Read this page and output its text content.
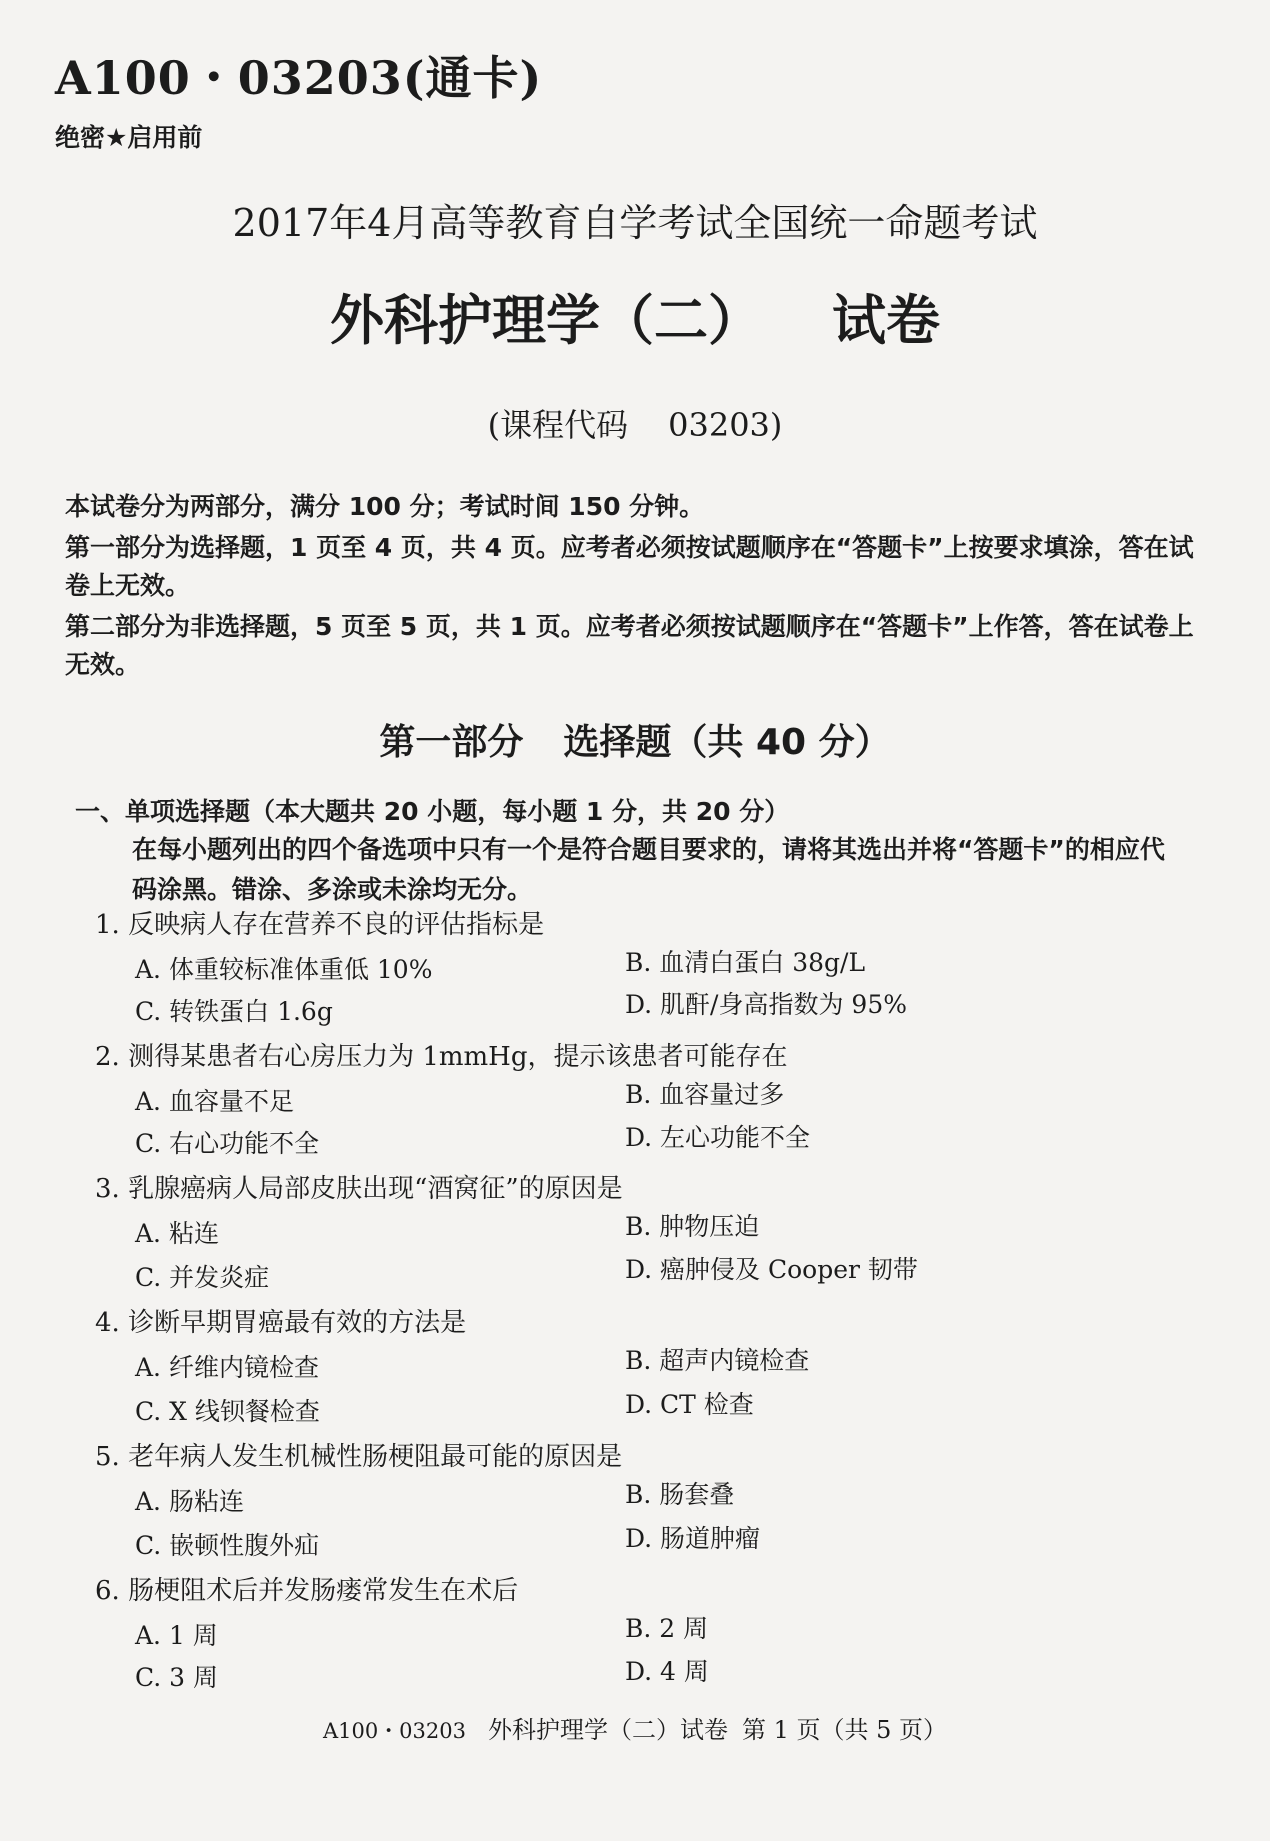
A100・03203(通卡)
绝密★启用前
2017年4月高等教育自学考试全国统一命题考试
外科护理学（二） 试卷
(课程代码 03203)

本试卷分为两部分，满分 100 分；考试时间 150 分钟。

第一部分为选择题，1 页至 4 页，共 4 页。应考者必须按试题顺序在“答题卡”上按要求填涂，答在试卷上无效。

第二部分为非选择题，5 页至 5 页，共 1 页。应考者必须按试题顺序在“答题卡”上作答，答在试卷上无效。

第一部分 选择题（共 40 分）
一、单项选择题（本大题共 20 小题，每小题 1 分，共 20 分）
在每小题列出的四个备选项中只有一个是符合题目要求的，请将其选出并将“答题卡”的相应代码涂黑。错涂、多涂或未涂均无分。
1. 反映病人存在营养不良的评估指标是
A. 体重较标准体重低 10%	B. 血清白蛋白 38g/L
C. 转铁蛋白 1.6g	D. 肌酐/身高指数为 95%
2. 测得某患者右心房压力为 1mmHg，提示该患者可能存在
A. 血容量不足	B. 血容量过多
C. 右心功能不全	D. 左心功能不全
3. 乳腺癌病人局部皮肤出现“酒窝征”的原因是
A. 粘连	B. 肿物压迫
C. 并发炎症	D. 癌肿侵及 Cooper 韧带
4. 诊断早期胃癌最有效的方法是
A. 纤维内镜检查	B. 超声内镜检查
C. X 线钡餐检查	D. CT 检查
5. 老年病人发生机械性肠梗阻最可能的原因是
A. 肠粘连	B. 肠套叠
C. 嵌顿性腹外疝	D. 肠道肿瘤
6. 肠梗阻术后并发肠瘘常发生在术后
A. 1 周	B. 2 周
C. 3 周	D. 4 周
A100・03203 外科护理学（二）试卷 第 1 页（共 5 页）
